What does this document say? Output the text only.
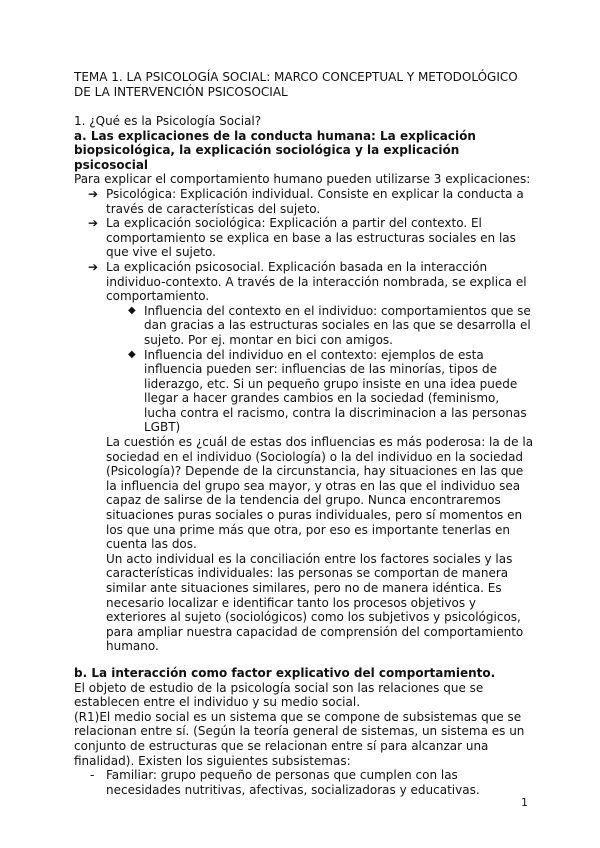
TEMA 1. LA PSICOLOGÍA SOCIAL: MARCO CONCEPTUAL Y METODOLÓGICO DE LA INTERVENCIÓN PSICOSOCIAL

1. ¿Qué es la Psicología Social?

a. Las explicaciones de la conducta humana: La explicación biopsicológica, la explicación sociológica y la explicación psicosocial

Para explicar el comportamiento humano pueden utilizarse 3 explicaciones:

➔ Psicológica: Explicación individual. Consiste en explicar la conducta a través de características del sujeto.
➔ La explicación sociológica: Explicación a partir del contexto. El comportamiento se explica en base a las estructuras sociales en las que vive el sujeto.
➔ La explicación psicosocial. Explicación basada en la interacción individuo-contexto. A través de la interacción nombrada, se explica el comportamiento.
◆ Influencia del contexto en el individuo: comportamientos que se dan gracias a las estructuras sociales en las que se desarrolla el sujeto. Por ej. montar en bici con amigos.
◆ Influencia del individuo en el contexto: ejemplos de esta influencia pueden ser: influencias de las minorías, tipos de liderazgo, etc. Si un pequeño grupo insiste en una idea puede llegar a hacer grandes cambios en la sociedad (feminismo, lucha contra el racismo, contra la discriminacion a las personas LGBT)
La cuestión es ¿cuál de estas dos influencias es más poderosa: la de la sociedad en el individuo (Sociología) o la del individuo en la sociedad (Psicología)? Depende de la circunstancia, hay situaciones en las que la influencia del grupo sea mayor, y otras en las que el individuo sea capaz de salirse de la tendencia del grupo. Nunca encontraremos situaciones puras sociales o puras individuales, pero sí momentos en los que una prime más que otra, por eso es importante tenerlas en cuenta las dos.
Un acto individual es la conciliación entre los factores sociales y las características individuales: las personas se comportan de manera similar ante situaciones similares, pero no de manera idéntica. Es necesario localizar e identificar tanto los procesos objetivos y exteriores al sujeto (sociológicos) como los subjetivos y psicológicos, para ampliar nuestra capacidad de comprensión del comportamiento humano.

b. La interacción como factor explicativo del comportamiento.

El objeto de estudio de la psicología social son las relaciones que se establecen entre el individuo y su medio social.

(R1)El medio social es un sistema que se compone de subsistemas que se relacionan entre sí. (Según la teoría general de sistemas, un sistema es un conjunto de estructuras que se relacionan entre sí para alcanzar una finalidad). Existen los siguientes subsistemas:

- Familiar: grupo pequeño de personas que cumplen con las necesidades nutritivas, afectivas, socializadoras y educativas.
1
